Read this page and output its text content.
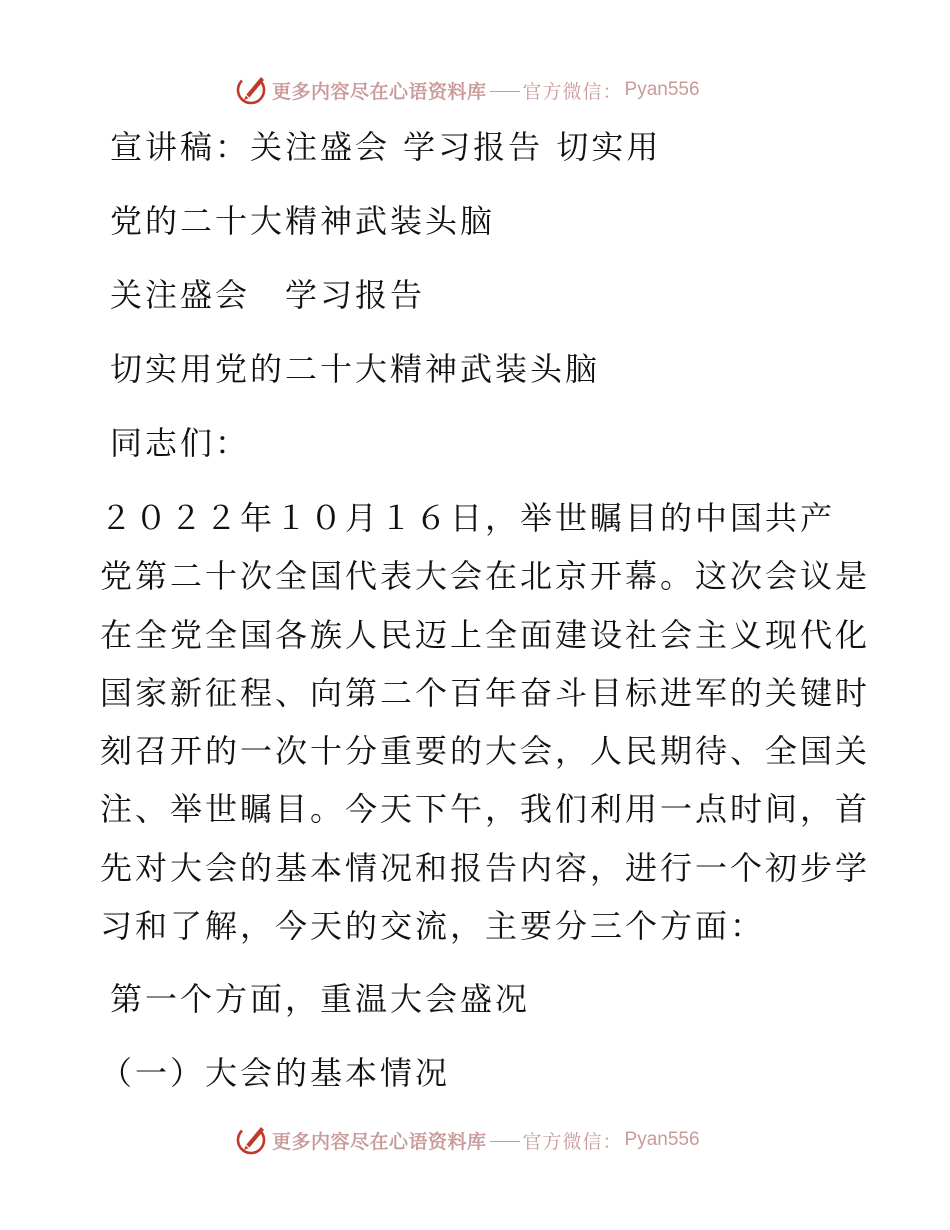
更多内容尽在心语资料库 官方微信： Pyan556
宣讲稿：关注盛会 学习报告 切实用
党的二十大精神武装头脑
关注盛会　学习报告
切实用党的二十大精神武装头脑
同志们：
２０２２年１０月１６日，举世瞩目的中国共产
党第二十次全国代表大会在北京开幕。这次会议是
在全党全国各族人民迈上全面建设社会主义现代化
国家新征程、向第二个百年奋斗目标进军的关键时
刻召开的一次十分重要的大会，人民期待、全国关
注、举世瞩目。今天下午，我们利用一点时间，首
先对大会的基本情况和报告内容，进行一个初步学
习和了解，今天的交流，主要分三个方面：
第一个方面，重温大会盛况
（一）大会的基本情况
更多内容尽在心语资料库 官方微信： Pyan556
